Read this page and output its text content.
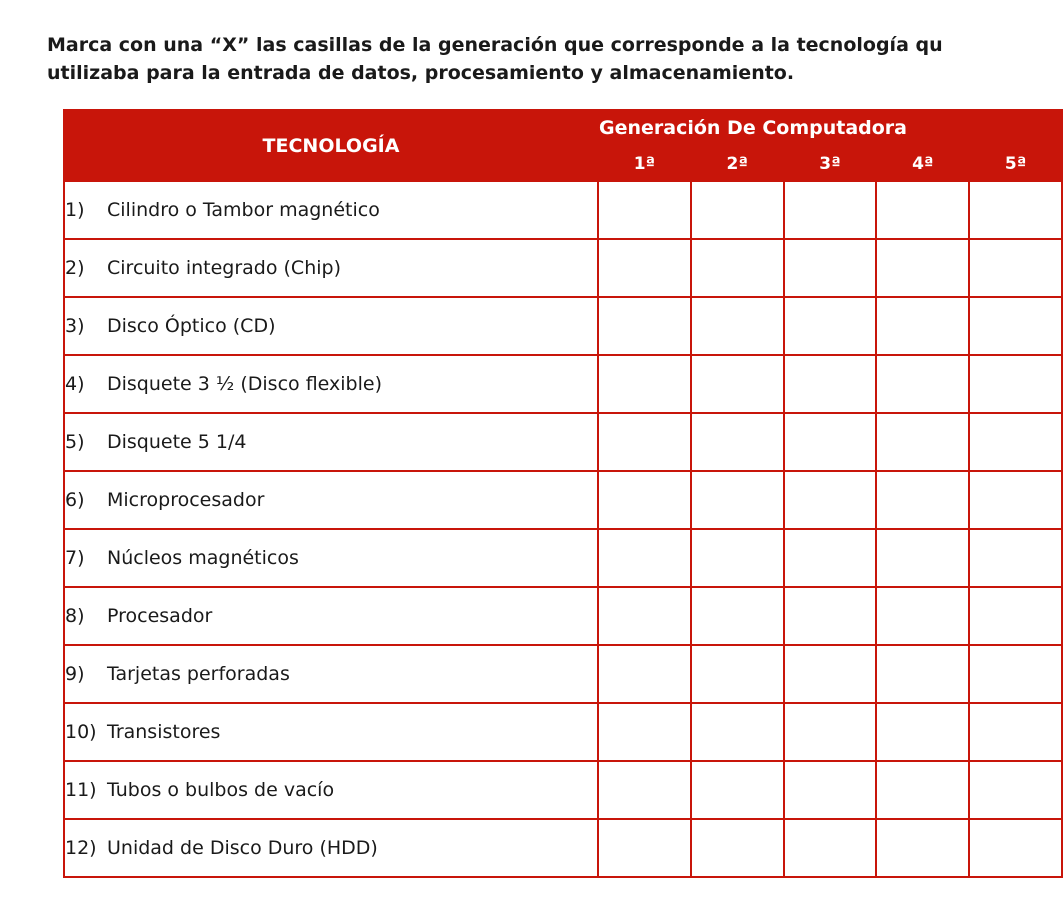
Marca con una “X” las casillas de la generación que corresponde a la tecnología qu
utilizaba para la entrada de datos, procesamiento y almacenamiento.
TECNOLOGÍA	Generación De Computadora				
	1ª	2ª	3ª	4ª	5ª
1) Cilindro o Tambor magnético					
2) Circuito integrado (Chip)					
3) Disco Óptico (CD)					
4) Disquete 3 ½ (Disco flexible)					
5) Disquete 5 1/4					
6) Microprocesador					
7) Núcleos magnéticos					
8) Procesador					
9) Tarjetas perforadas					
10) Transistores					
11) Tubos o bulbos de vacío					
12) Unidad de Disco Duro (HDD)					
